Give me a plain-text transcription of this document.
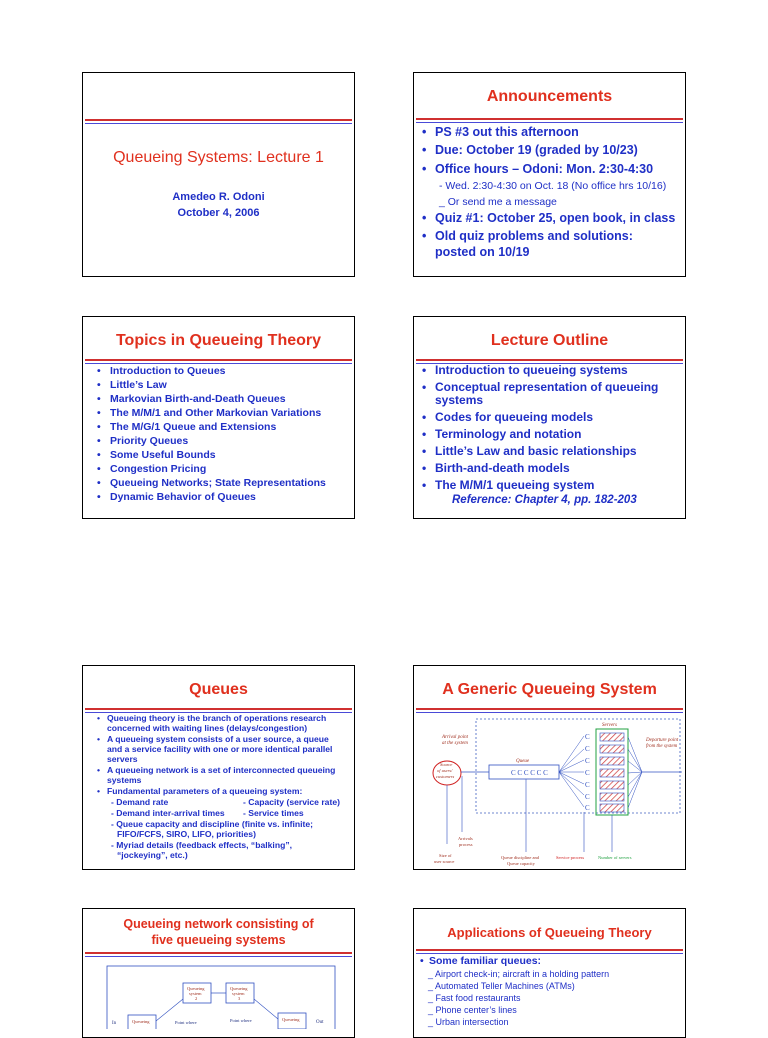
Queueing Systems: Lecture 1
Amedeo R. Odoni
October 4, 2006
Announcements
• PS #3 out this afternoon
• Due: October 19 (graded by 10/23)
• Office hours – Odoni: Mon. 2:30-4:30
• Quiz #1: October 25, open book, in class
• Old quiz problems and solutions:
posted on 10/19
- Wed. 2:30-4:30 on Oct. 18 (No office hrs 10/16)
_ Or send me a message
Topics in Queueing Theory
• Introduction to Queues
• Little’s Law
• Markovian Birth-and-Death Queues
• The M/M/1 and Other Markovian Variations
• The M/G/1 Queue and Extensions
• Priority Queues
• Some Useful Bounds
• Congestion Pricing
• Queueing Networks; State Representations
• Dynamic Behavior of Queues
Lecture Outline
• Introduction to queueing systems
• Conceptual representation of queueing
• Codes for queueing models
• Terminology and notation
• Little’s Law and basic relationships
• Birth-and-death models
• The M/M/1 queueing system
systems
Reference: Chapter 4, pp. 182-203
Queues
• Queueing theory is the branch of operations research
concerned with waiting lines (delays/congestion)
• A queueing system consists of a user source, a queue
and a service facility with one or more identical parallel
servers
• A queueing network is a set of interconnected queueing
systems
• Fundamental parameters of a queueing system:
- Demand rate	- Capacity (service rate)
- Demand inter-arrival times - Service times
- Queue capacity and discipline (finite vs. infinite;
FIFO/FCFS, SIRO, LIFO, priorities)
- Myriad details (feedback effects, “balking”,
“jockeying”, etc.)
A Generic Queueing System
Arrival point
at the system
Source
of users/
customers
Queue
C C C C C C
C
C
C
C
C
C
C
Servers
Departure point
from the system
Arrivals
process
Size of
user source
Queue discipline and
Queue capacity
Service process	Number of servers
Queueing network consisting of
five queueing systems
In
Queueing
system
2
Queueing
system
3
Queueing	Queueing
Out
Point where	Point where
Applications of Queueing Theory
• Some familiar queues:
_ Airport check-in; aircraft in a holding pattern
_ Automated Teller Machines (ATMs)
_ Fast food restaurants
_ Phone center’s lines
_ Urban intersection
